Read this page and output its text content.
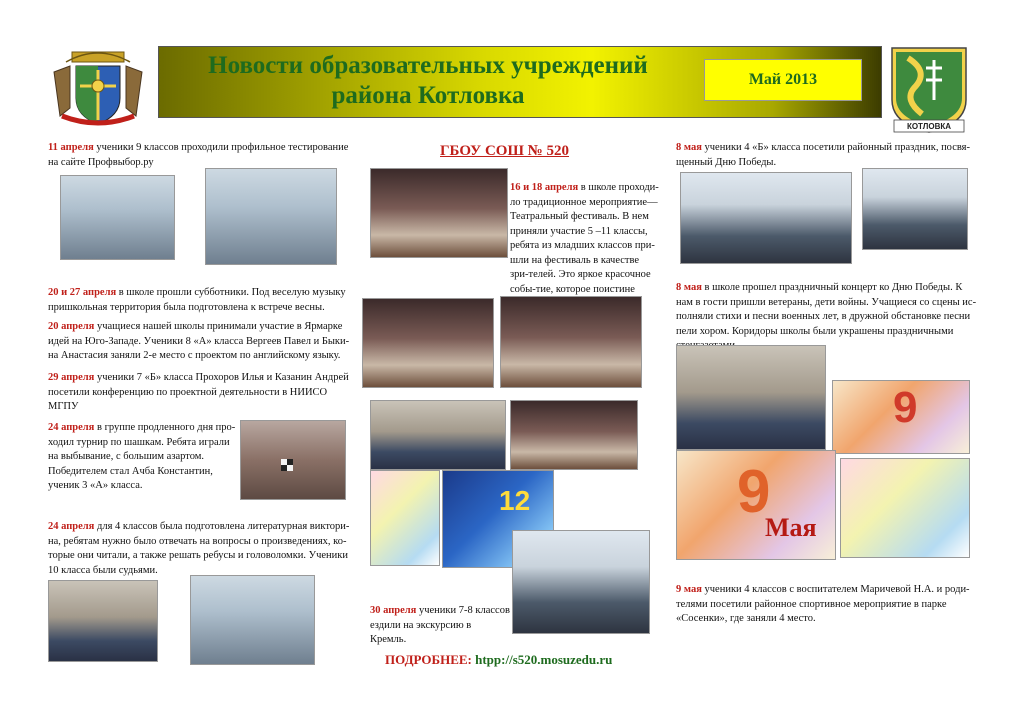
Новости образовательных учреждений
района Котловка
Май 2013
КОТЛОВКА

11 апреля ученики 9 классов проходили профильное тестирование на сайте Профвыбор.ру

20 и 27 апреля в школе прошли субботники. Под веселую музыку пришкольная территория была подготовлена к встрече весны.

20 апреля учащиеся нашей школы принимали участие в Ярмарке идей на Юго-Западе. Ученики 8 «А» класса Вергеев Павел и Быки-на Анастасия заняли 2-е место с проектом по английскому языку.

29 апреля ученики 7 «Б» класса Прохоров Илья и Казанин Андрей посетили конференцию по проектной деятельности в НИИСО МГПУ

24 апреля в группе продленного дня про-ходил турнир по шашкам. Ребята играли на выбывание, с большим азартом. Победителем стал Ачба Константин, ученик 3 «А» класса.

24 апреля для 4 классов была подготовлена литературная виктори-на, ребятам нужно было отвечать на вопросы о произведениях, ко-торые они читали, а также решать ребусы и головоломки. Ученики 10 класса были судьями.

ГБОУ СОШ № 520

16 и 18 апреля в школе проходи-ло традиционное мероприятие— Театральный фестиваль. В нем приняли участие 5 –11 классы, ребята из младших классов при-шли на фестиваль в качестве зри-телей. Это яркое красочное собы-тие, которое поистине

12

30 апреля ученики 7-8 классов ездили на экскурсию в Кремль.

ПОДРОБНЕЕ: htpp://s520.mosuzedu.ru

8 мая ученики 4 «Б» класса посетили районный праздник, посвя-щенный Дню Победы.

8 мая в школе прошел праздничный концерт ко Дню Победы. К нам в гости пришли ветераны, дети войны. Учащиеся со сцены ис-полняли стихи и песни военных лет, в дружной обстановке песни пели хором. Коридоры школы были украшены праздничными

9
9
Мая

9 мая ученики 4 классов с воспитателем Маричевой Н.А. и роди-телями посетили районное спортивное мероприятие в парке «Сосенки», где заняли 4 место.
